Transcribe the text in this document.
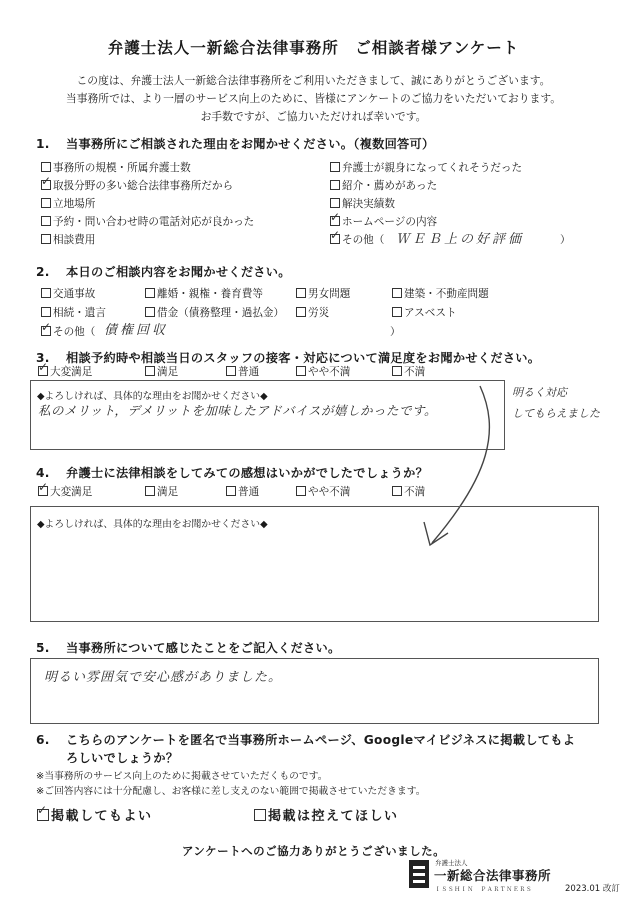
弁護士法人一新総合法律事務所　ご相談者様アンケート
この度は、弁護士法人一新総合法律事務所をご利用いただきまして、誠にありがとうございます。
当事務所では、より一層のサービス向上のために、皆様にアンケートのご協力をいただいております。
お手数ですが、ご協力いただければ幸いです。
1. 当事務所にご相談された理由をお聞かせください。（複数回答可）
事務所の規模・所属弁護士数
✓取扱分野の多い総合法律事務所だから
立地場所
予約・問い合わせ時の電話対応が良かった
相談費用
弁護士が親身になってくれそうだった
紹介・薦めがあった
解決実績数
✓ホームページの内容
✓その他（ ＷＥＢ上の好評価	）
2. 本日のご相談内容をお聞かせください。
交通事故	離婚・親権・養育費等	男女問題	建築・不動産問題
相続・遺言	借金（債務整理・過払金）	労災	アスベスト
✓その他（ 債権回収	）
3. 相談予約時や相談当日のスタッフの接客・対応について満足度をお聞かせください。
✓大変満足	満足	普通	やや不満	不満
◆よろしければ、具体的な理由をお聞かせください◆
私のメリット，デメリットを加味したアドバイスが嬉しかったです。
明るく対応
してもらえました
4. 弁護士に法律相談をしてみての感想はいかがでしたでしょうか？
✓大変満足	満足	普通	やや不満	不満
◆よろしければ、具体的な理由をお聞かせください◆
5. 当事務所について感じたことをご記入ください。
明るい雰囲気で安心感がありました。
6. こちらのアンケートを匿名で当事務所ホームページ、Googleマイビジネスに掲載してもよ
ろしいでしょうか？
※当事務所のサービス向上のために掲載させていただくものです。
※ご回答内容には十分配慮し、お客様に差し支えのない範囲で掲載させていただきます。
✓掲載してもよい	掲載は控えてほしい
アンケートへのご協力ありがとうございました。
弁護士法人
一新総合法律事務所
ＩＳＳＨＩＮ　ＰＡＲＴＮＥＲＳ	2023.01 改訂
